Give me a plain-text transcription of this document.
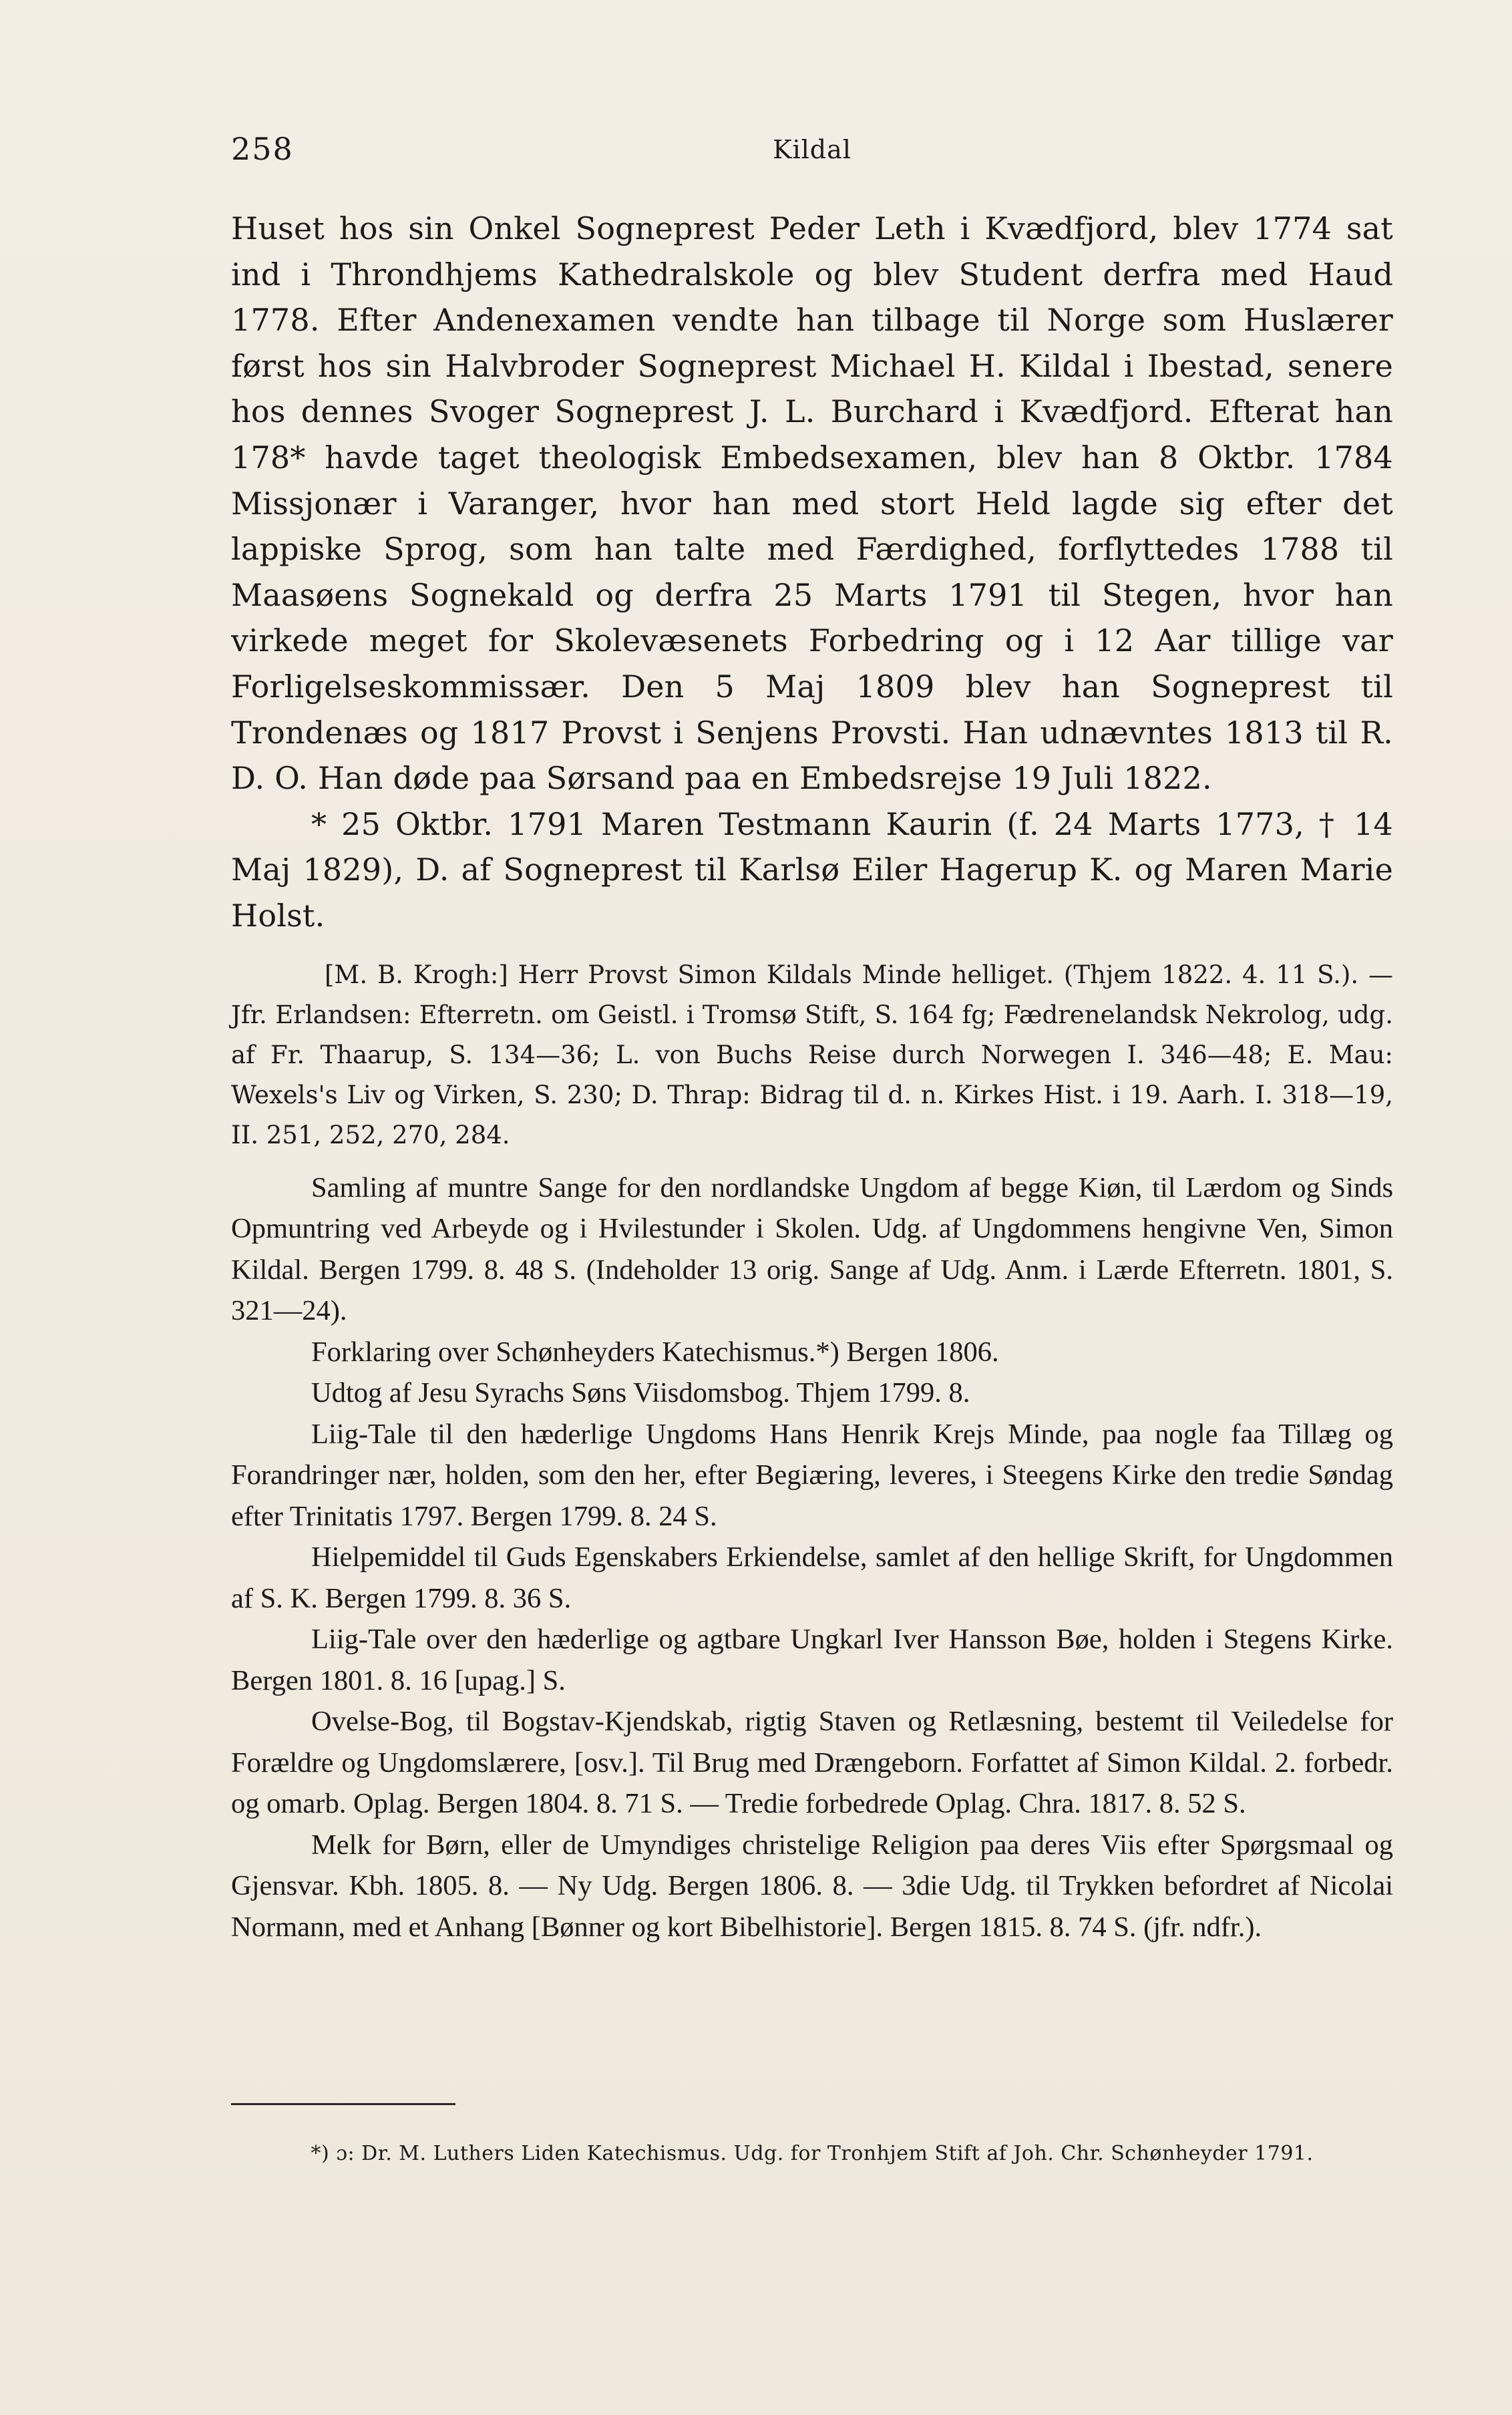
258	Kildal

Huset hos sin Onkel Sogneprest Peder Leth i Kvædfjord, blev 1774 sat ind i Throndhjems Kathedralskole og blev Student derfra med Haud 1778. Efter Andenexamen vendte han tilbage til Norge som Huslærer først hos sin Halvbroder Sogneprest Michael H. Kildal i Ibestad, senere hos dennes Svoger Sogneprest J. L. Burchard i Kvædfjord. Efterat han 178* havde taget theologisk Embedsexamen, blev han 8 Oktbr. 1784 Missjonær i Varanger, hvor han med stort Held lagde sig efter det lappiske Sprog, som han talte med Færdighed, forflyttedes 1788 til Maasøens Sognekald og derfra 25 Marts 1791 til Stegen, hvor han virkede meget for Skolevæsenets Forbedring og i 12 Aar tillige var Forligelseskommissær. Den 5 Maj 1809 blev han Sogneprest til Trondenæs og 1817 Provst i Senjens Provsti. Han udnævntes 1813 til R. D. O. Han døde paa Sørsand paa en Embedsrejse 19 Juli 1822.

* 25 Oktbr. 1791 Maren Testmann Kaurin (f. 24 Marts 1773, † 14 Maj 1829), D. af Sogneprest til Karlsø Eiler Hagerup K. og Maren Marie Holst.

[M. B. Krogh:] Herr Provst Simon Kildals Minde helliget. (Thjem 1822. 4. 11 S.). — Jfr. Erlandsen: Efterretn. om Geistl. i Tromsø Stift, S. 164 fg; Fædrenelandsk Nekrolog, udg. af Fr. Thaarup, S. 134—36; L. von Buchs Reise durch Norwegen I. 346—48; E. Mau: Wexels's Liv og Virken, S. 230; D. Thrap: Bidrag til d. n. Kirkes Hist. i 19. Aarh. I. 318—19, II. 251, 252, 270, 284.

Samling af muntre Sange for den nordlandske Ungdom af begge Kiøn, til Lærdom og Sinds Opmuntring ved Arbeyde og i Hvilestunder i Skolen. Udg. af Ungdommens hengivne Ven, Simon Kildal. Bergen 1799. 8. 48 S. (Indeholder 13 orig. Sange af Udg. Anm. i Lærde Efterretn. 1801, S. 321—24).

Forklaring over Schønheyders Katechismus.*) Bergen 1806.

Udtog af Jesu Syrachs Søns Viisdomsbog. Thjem 1799. 8.

Liig-Tale til den hæderlige Ungdoms Hans Henrik Krejs Minde, paa nogle faa Tillæg og Forandringer nær, holden, som den her, efter Begiæring, leveres, i Steegens Kirke den tredie Søndag efter Trinitatis 1797. Bergen 1799. 8. 24 S.

Hielpemiddel til Guds Egenskabers Erkiendelse, samlet af den hellige Skrift, for Ungdommen af S. K. Bergen 1799. 8. 36 S.

Liig-Tale over den hæderlige og agtbare Ungkarl Iver Hansson Bøe, holden i Stegens Kirke. Bergen 1801. 8. 16 [upag.] S.

Ovelse-Bog, til Bogstav-Kjendskab, rigtig Staven og Retlæsning, bestemt til Veiledelse for Forældre og Ungdomslærere, [osv.]. Til Brug med Drængeborn. Forfattet af Simon Kildal. 2. forbedr. og omarb. Oplag. Bergen 1804. 8. 71 S. — Tredie forbedrede Oplag. Chra. 1817. 8. 52 S.

Melk for Børn, eller de Umyndiges christelige Religion paa deres Viis efter Spørgsmaal og Gjensvar. Kbh. 1805. 8. — Ny Udg. Bergen 1806. 8. — 3die Udg. til Trykken befordret af Nicolai Normann, med et Anhang [Bønner og kort Bibelhistorie]. Bergen 1815. 8. 74 S. (jfr. ndfr.).

*) ɔ: Dr. M. Luthers Liden Katechismus. Udg. for Tronhjem Stift af Joh. Chr. Schønheyder 1791.
